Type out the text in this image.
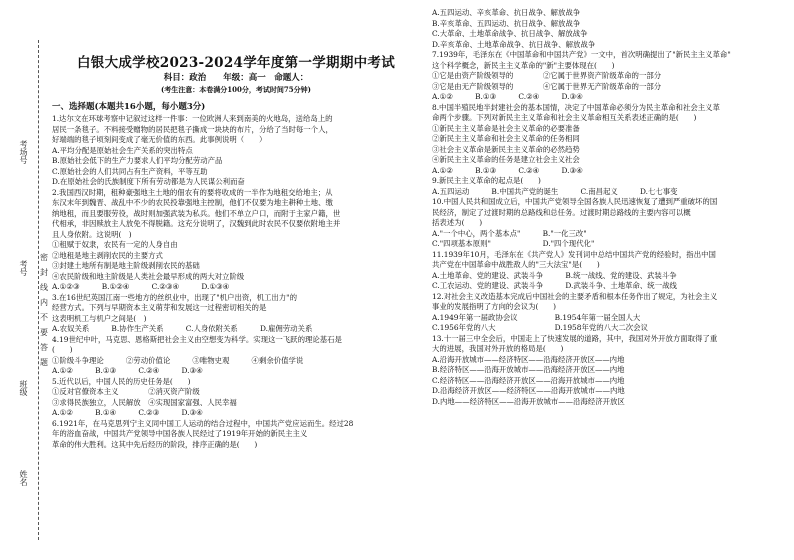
考场号
考号
班级
姓名
密
封
线
内
不
要
答
题
白银大成学校2023-2024学年度第一学期期中考试
科目：政治　　年级：高一　命题人：
(考生注意：本卷满分100分，考试时间75分钟)
一、选择题(本题共16小题，每小题3分)
1.达尔文在环球考察中记叙过这样一件事：一位欧洲人来到南美的火地岛，送给岛上的
居民一条毯子。不料接受赠物的居民把毯子撕成一块块的布片，分给了当时每一个人，
好端端的毯子顷刻间变成了毫无价值的东西。此事例说明（　　）
A.平均分配是原始社会生产关系的突出特点
B.原始社会低下的生产力要求人们平均分配劳动产品
C.原始社会的人们共同占有生产资料，平等互助
D.在原始社会的氏族制度下所有劳动都是为人民谋公利而奋
2.我国西汉时期，租种豪强地主土地的佃农有的要将收成的一半作为地租交给地主；从
东汉末年到魏晋、战乱中不少的农民投靠强地主控制，他们不仅要为地主耕种土地、缴
纳地租，而且要服劳役，战时则加强武装为私兵。他们不单立户口，而附于主家户籍，世
代相承，非因赎放主人放免不得脱籍。这充分说明了，汉魏到此时农民不仅要依附地主并
且人身依附。这说明(　)
①租赋于奴隶，农民有一定的人身自由
②地租是地主剥削农民的主要方式
③封建土地所有制是地主阶级剥削农民的基础
④农民阶级和地主阶级是人类社会最早形成的两大对立阶级
A.①②③　　　B.①②④　　　C.②③④　　　D.①③④
3.在16世纪英国江南一些地方的丝织业中，出现了"机户出资，机工出力"的
经营方式。下列与早期资本主义萌芽和发展这一过程密切相关的是
这表明机工与机户之间是(　)
A.农奴关系　　　B.协作生产关系　　　C.人身依附关系　　　D.雇佣劳动关系
4.19世纪中叶，马克思、恩格斯把社会主义由空想变为科学。实现这一飞跃的理论基石是
(　　)
①阶级斗争理论　　　②劳动价值论　　　③唯物史观　　　④剩余价值学说
A.①②　　　B.①③　　　C.②④　　　D.③④
5.近代以后，中国人民的历史任务是(　　)
①反对官僚资本主义　　　　②消灭资产阶级
③求得民族独立，人民解放　④实现国家富强、人民幸福
A.①②　　　B.①④　　　C.②③　　　D.③④
6.1921年，在马克思列宁主义同中国工人运动的结合过程中，中国共产党应运而生。经过28
年的浴血奋战，中国共产党领导中国各族人民经过了1919年开始的新民主主义
革命的伟大胜利。这其中先后经历的阶段，排序正确的是(　　)
A.五四运动、辛亥革命、抗日战争、解放战争
B.辛亥革命、五四运动、抗日战争、解放战争
C.大革命、土地革命战争、抗日战争、解放战争
D.辛亥革命、土地革命战争、抗日战争、解放战争
7.1939年，毛泽东在《中国革命和中国共产党》一文中，首次明确提出了"新民主主义革命"
这个科学概念，新民主主义革命的"新"主要体现在(　　)
①它是由资产阶级领导的　　　　②它属于世界资产阶级革命的一部分
③它是由无产阶级领导的　　　　④它属于世界无产阶级革命的一部分
A.①②　　　B.①③　　　C.②④　　　D.③④
8.中国半殖民地半封建社会的基本国情，决定了中国革命必须分为民主革命和社会主义革
命两个步骤。下列对新民主主义革命和社会主义革命相互关系表述正确的是(　　)
①新民主主义革命是社会主义革命的必要准备
②新民主主义革命和社会主义革命的任务相同
③社会主义革命是新民主主义革命的必然趋势
④新民主主义革命的任务是建立社会主义社会
A.①②　　　B.①③　　　C.②④　　　D.③④
9.新民主主义革命的起点是(　　)
A.五四运动　　　B.中国共产党的诞生　　　C.南昌起义　　　D.七七事变
10.中国人民共和国成立后，中国共产党领导全国各族人民迅速恢复了遭到严重破坏的国
民经济，制定了过渡时期的总路线和总任务。过渡时期总路线的主要内容可以概
括表述为(　　)
A."一个中心，两个基本点"　　　B."一化三改"
C."四项基本原则"　　　　　　　D."四个现代化"
11.1939年10月，毛泽东在《共产党人》发刊词中总结中国共产党的经验时，指出中国
共产党在中国革命中战胜敌人的"三大法宝"是(　　)
A.土地革命、党的建设、武装斗争　　　B.统一战线、党的建设、武装斗争
C.工农运动、党的建设、武装斗争　　　D.武装斗争、土地革命、统一战线
12.对社会主义改造基本完成后中国社会的主要矛盾和根本任务作出了规定，为社会主义
事业的发展指明了方向的会议为(　　)
A.1949年第一届政协会议　　　　　B.1954年第一届全国人大
C.1956年党的八大　　　　　　　　D.1958年党的八大二次会议
13.十一届三中全会后，中国走上了快速发展的道路，其中，我国对外开放方面取得了重
大的进展，我国对外开放的格局是(　　)
A.沿海开放城市——经济特区——沿海经济开放区——内地
B.经济特区——沿海开放城市——沿海经济开放区——内地
C.经济特区——沿海经济开放区——沿海开放城市——内地
D.沿海经济开放区——经济特区——沿海开放城市——内地
D.内地——经济特区——沿海开放城市——沿海经济开放区
